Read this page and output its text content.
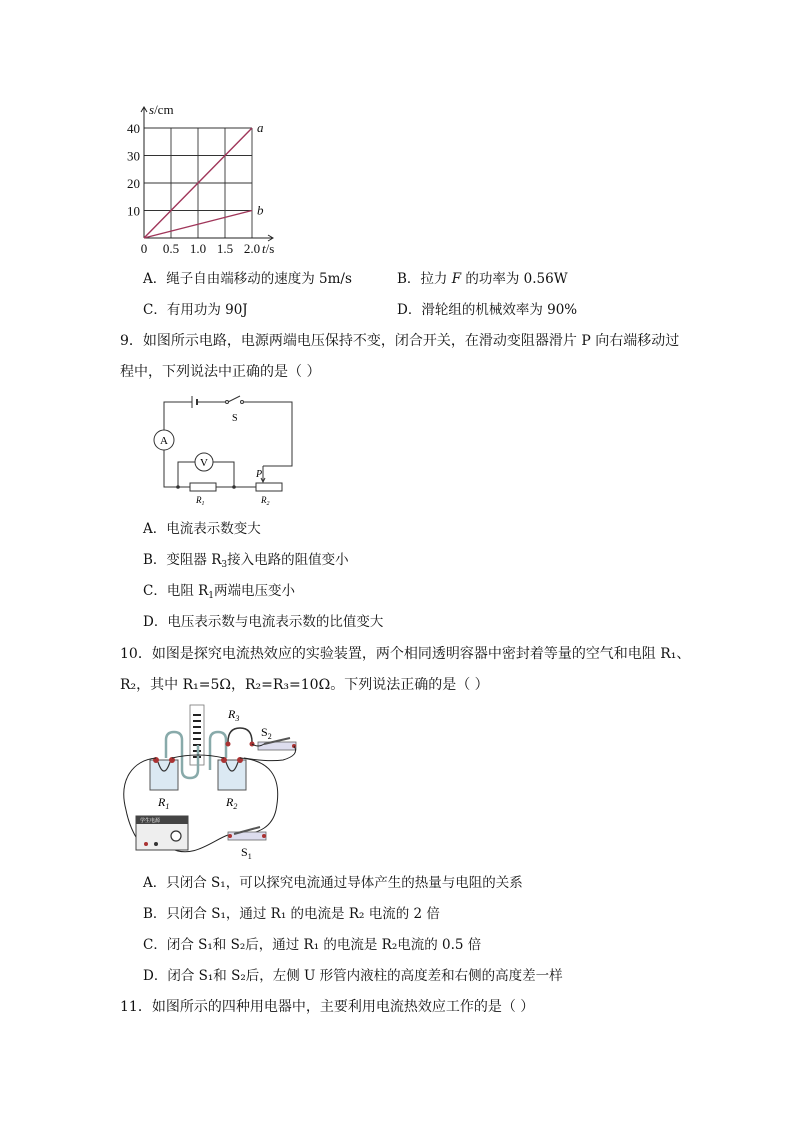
a
b
0 0.5 1.0 1.5 2.0
10
20
30
40
s/cm
t/s
A．绳子自由端移动的速度为 5m/s	B．拉力 F 的功率为 0.56W
C．有用功为 90J	D．滑轮组的机械效率为 90%
9．如图所示电路，电源两端电压保持不变，闭合开关，在滑动变阻器滑片 P 向右端移动过
程中，下列说法中正确的是（ ）
A
V
S
P
$R_1$	$R_2$
A．电流表示数变大
B．变阻器 $R_3$接入电路的阻值变小
C．电阻 $R_1$两端电压变小
D．电压表示数与电流表示数的比值变大
10．如图是探究电流热效应的实验装置，两个相同透明容器中密封着等量的空气和电阻 R₁、
R₂，其中 R₁=5Ω，R₂=R₃=10Ω。下列说法正确的是（ ）
学生电源
$R_3$
$S_2$
$R_1$	$R_2$
$S_1$
A．只闭合 S₁，可以探究电流通过导体产生的热量与电阻的关系
B．只闭合 S₁，通过 R₁ 的电流是 R₂ 电流的 2 倍
C．闭合 S₁和 S₂后，通过 R₁ 的电流是 R₂电流的 0.5 倍
D．闭合 S₁和 S₂后，左侧 U 形管内液柱的高度差和右侧的高度差一样
11．如图所示的四种用电器中，主要利用电流热效应工作的是（ ）
